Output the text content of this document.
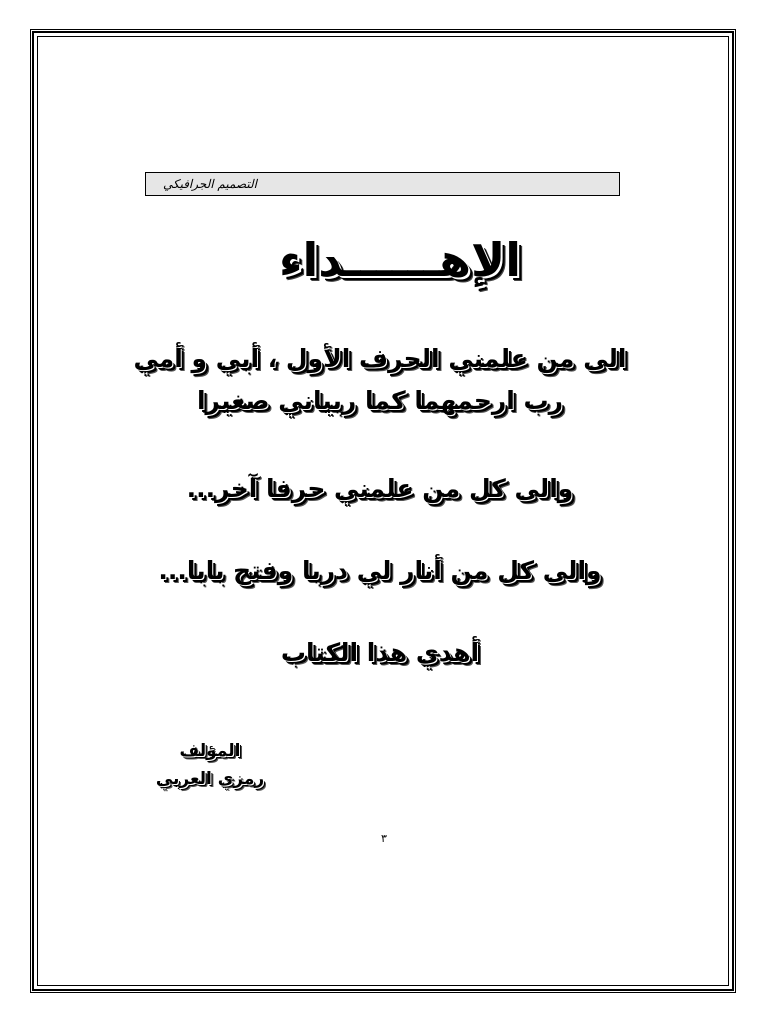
التصميم الجرافيكي
الإهــــــداء
الى من علمني الحرف الأول ، أبي و أمي
رب ارحمهما كما ربياني صغيرا
والى كل من علمني حرفا آخر...
والى كل من أنار لي دربا وفتح بابا...
أهدي هذا الكتاب
المؤلف
رمزي العربي
٣
